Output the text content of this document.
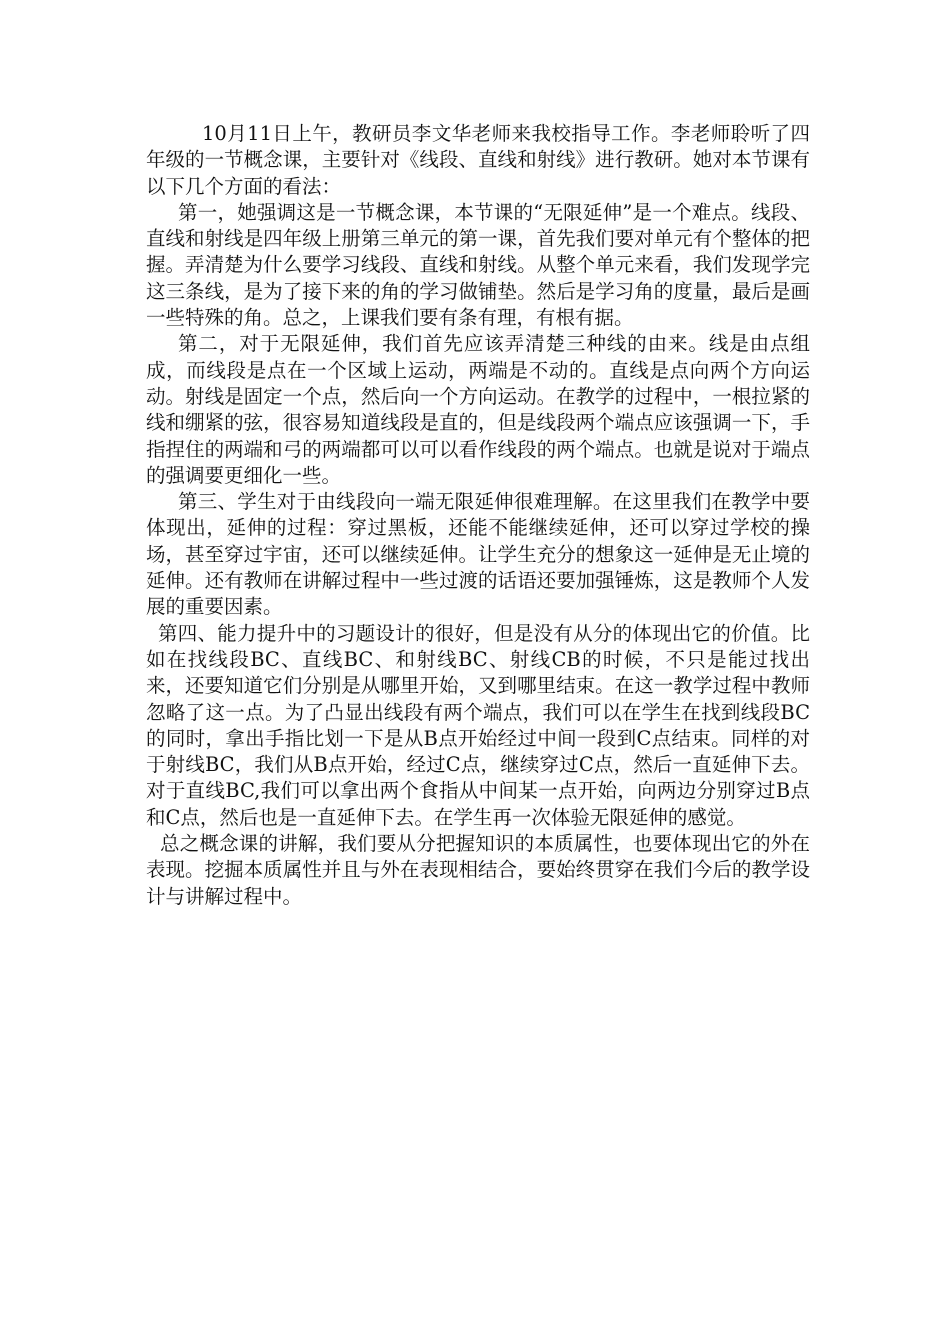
10月11日上午，教研员李文华老师来我校指导工作。李老师聆听了四年级的一节概念课，主要针对《线段、直线和射线》进行教研。她对本节课有以下几个方面的看法：

第一，她强调这是一节概念课，本节课的“无限延伸”是一个难点。线段、直线和射线是四年级上册第三单元的第一课，首先我们要对单元有个整体的把握。弄清楚为什么要学习线段、直线和射线。从整个单元来看，我们发现学完这三条线，是为了接下来的角的学习做铺垫。然后是学习角的度量，最后是画一些特殊的角。总之，上课我们要有条有理，有根有据。

第二，对于无限延伸，我们首先应该弄清楚三种线的由来。线是由点组成，而线段是点在一个区域上运动，两端是不动的。直线是点向两个方向运动。射线是固定一个点，然后向一个方向运动。在教学的过程中，一根拉紧的线和绷紧的弦，很容易知道线段是直的，但是线段两个端点应该强调一下，手指捏住的两端和弓的两端都可以可以看作线段的两个端点。也就是说对于端点的强调要更细化一些。

第三、学生对于由线段向一端无限延伸很难理解。在这里我们在教学中要体现出，延伸的过程：穿过黑板，还能不能继续延伸，还可以穿过学校的操场，甚至穿过宇宙，还可以继续延伸。让学生充分的想象这一延伸是无止境的延伸。还有教师在讲解过程中一些过渡的话语还要加强锤炼，这是教师个人发展的重要因素。

第四、能力提升中的习题设计的很好，但是没有从分的体现出它的价值。比如在找线段BC、直线BC、和射线BC、射线CB的时候，不只是能过找出来，还要知道它们分别是从哪里开始，又到哪里结束。在这一教学过程中教师忽略了这一点。为了凸显出线段有两个端点，我们可以在学生在找到线段BC的同时，拿出手指比划一下是从B点开始经过中间一段到C点结束。同样的对于射线BC，我们从B点开始，经过C点，继续穿过C点，然后一直延伸下去。对于直线BC,我们可以拿出两个食指从中间某一点开始，向两边分别穿过B点和C点，然后也是一直延伸下去。在学生再一次体验无限延伸的感觉。

总之概念课的讲解，我们要从分把握知识的本质属性，也要体现出它的外在表现。挖掘本质属性并且与外在表现相结合，要始终贯穿在我们今后的教学设计与讲解过程中。
